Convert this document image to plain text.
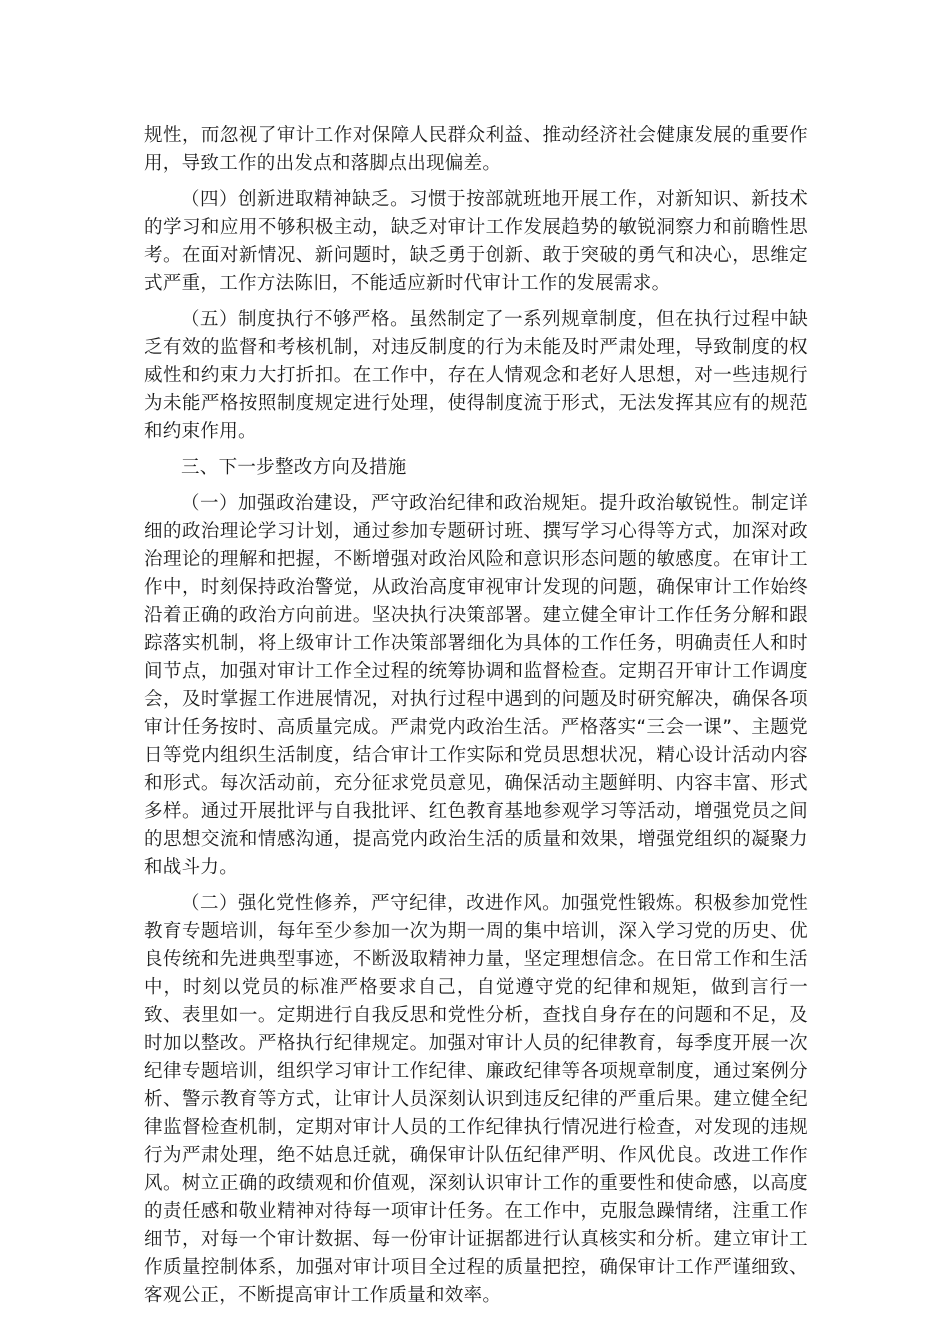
规性，而忽视了审计工作对保障人民群众利益、推动经济社会健康发展的重要作用，导致工作的出发点和落脚点出现偏差。

（四）创新进取精神缺乏。习惯于按部就班地开展工作，对新知识、新技术的学习和应用不够积极主动，缺乏对审计工作发展趋势的敏锐洞察力和前瞻性思考。在面对新情况、新问题时，缺乏勇于创新、敢于突破的勇气和决心，思维定式严重，工作方法陈旧，不能适应新时代审计工作的发展需求。

（五）制度执行不够严格。虽然制定了一系列规章制度，但在执行过程中缺乏有效的监督和考核机制，对违反制度的行为未能及时严肃处理，导致制度的权威性和约束力大打折扣。在工作中，存在人情观念和老好人思想，对一些违规行为未能严格按照制度规定进行处理，使得制度流于形式，无法发挥其应有的规范和约束作用。

三、下一步整改方向及措施

（一）加强政治建设，严守政治纪律和政治规矩。提升政治敏锐性。制定详细的政治理论学习计划，通过参加专题研讨班、撰写学习心得等方式，加深对政治理论的理解和把握，不断增强对政治风险和意识形态问题的敏感度。在审计工作中，时刻保持政治警觉，从政治高度审视审计发现的问题，确保审计工作始终沿着正确的政治方向前进。坚决执行决策部署。建立健全审计工作任务分解和跟踪落实机制，将上级审计工作决策部署细化为具体的工作任务，明确责任人和时间节点，加强对审计工作全过程的统筹协调和监督检查。定期召开审计工作调度会，及时掌握工作进展情况，对执行过程中遇到的问题及时研究解决，确保各项审计任务按时、高质量完成。严肃党内政治生活。严格落实“三会一课”、主题党日等党内组织生活制度，结合审计工作实际和党员思想状况，精心设计活动内容和形式。每次活动前，充分征求党员意见，确保活动主题鲜明、内容丰富、形式多样。通过开展批评与自我批评、红色教育基地参观学习等活动，增强党员之间的思想交流和情感沟通，提高党内政治生活的质量和效果，增强党组织的凝聚力和战斗力。

（二）强化党性修养，严守纪律，改进作风。加强党性锻炼。积极参加党性教育专题培训，每年至少参加一次为期一周的集中培训，深入学习党的历史、优良传统和先进典型事迹，不断汲取精神力量，坚定理想信念。在日常工作和生活中，时刻以党员的标准严格要求自己，自觉遵守党的纪律和规矩，做到言行一致、表里如一。定期进行自我反思和党性分析，查找自身存在的问题和不足，及时加以整改。严格执行纪律规定。加强对审计人员的纪律教育，每季度开展一次纪律专题培训，组织学习审计工作纪律、廉政纪律等各项规章制度，通过案例分析、警示教育等方式，让审计人员深刻认识到违反纪律的严重后果。建立健全纪律监督检查机制，定期对审计人员的工作纪律执行情况进行检查，对发现的违规行为严肃处理，绝不姑息迁就，确保审计队伍纪律严明、作风优良。改进工作作风。树立正确的政绩观和价值观，深刻认识审计工作的重要性和使命感，以高度的责任感和敬业精神对待每一项审计任务。在工作中，克服急躁情绪，注重工作细节，对每一个审计数据、每一份审计证据都进行认真核实和分析。建立审计工作质量控制体系，加强对审计项目全过程的质量把控，确保审计工作严谨细致、客观公正，不断提高审计工作质量和效率。
